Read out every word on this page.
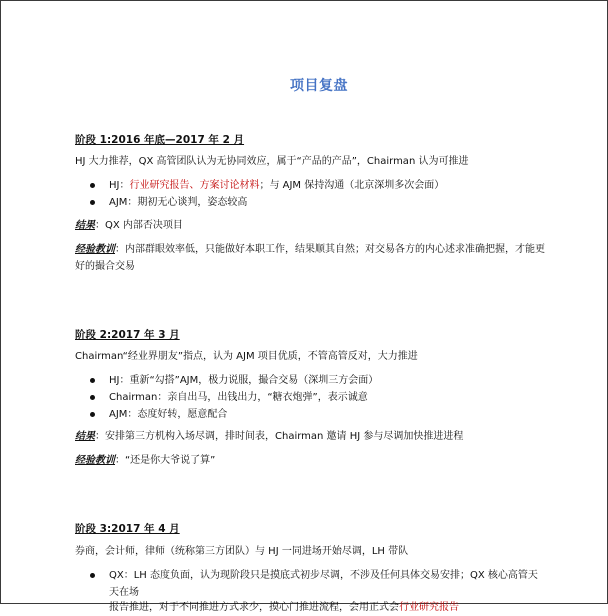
项目复盘
阶段 1:2016 年底—2017 年 2 月
HJ 大力推荐，QX 高管团队认为无协同效应，属于“产品的产品”，Chairman 认为可推进
HJ：行业研究报告、方案讨论材料；与 AJM 保持沟通（北京深圳多次会面）
AJM：期初无心谈判，姿态较高
结果：QX 内部否决项目
经验教训：内部群眼效率低，只能做好本职工作，结果顺其自然；对交易各方的内心述求准确把握，才能更好的撮合交易
阶段 2:2017 年 3 月
Chairman“经业界朋友”指点，认为 AJM 项目优质，不管高管反对，大力推进
HJ：重新“勾搭”AJM，极力说服，撮合交易（深圳三方会面）
Chairman：亲自出马，出钱出力，“糖衣炮弹”，表示诚意
AJM：态度好转，愿意配合
结果：安排第三方机构入场尽调，排时间表，Chairman 邀请 HJ 参与尽调加快推进进程
经验教训：“还是你大爷说了算”
阶段 3:2017 年 4 月
券商，会计师，律师（统称第三方团队）与 HJ 一同进场开始尽调，LH 带队
QX：LH 态度负面，认为现阶段只是摸底式初步尽调，不涉及任何具体交易安排；QX 核心高管天天在场
报告推进，对于不同推进方式求少，摸心门推进流程，会用正式会行业研究报告
